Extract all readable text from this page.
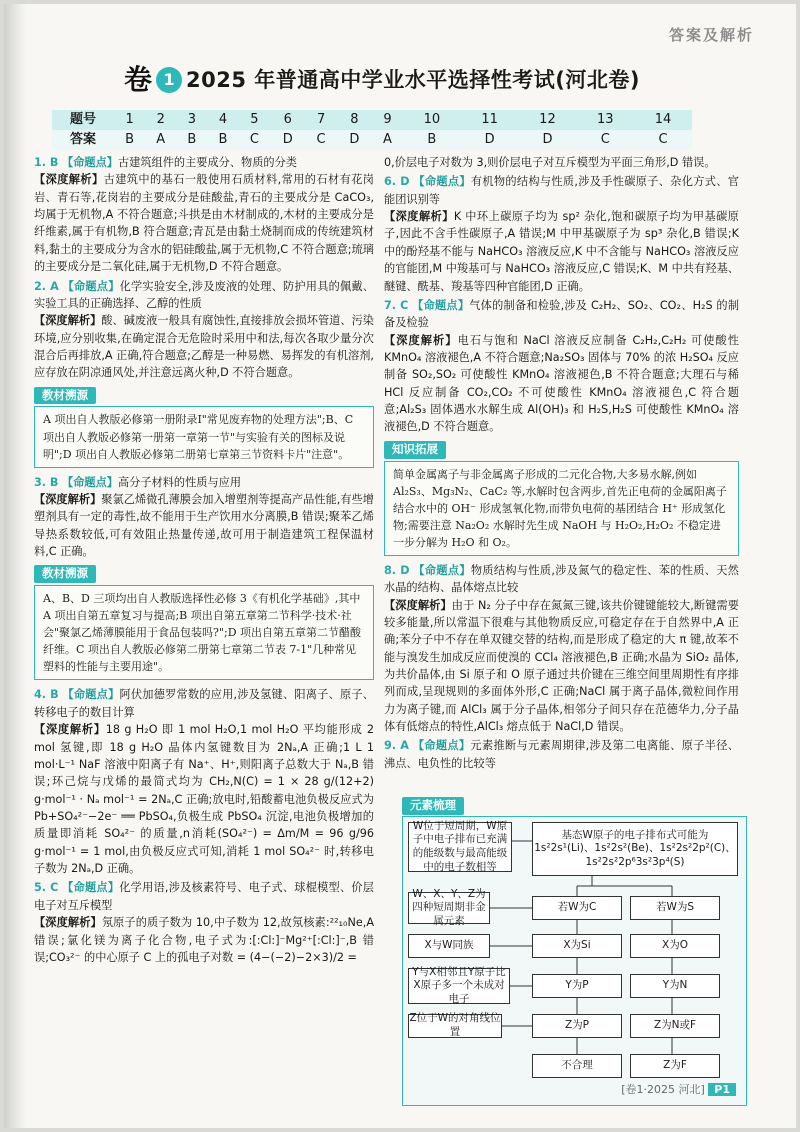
答案及解析
卷 1 2025 年普通高中学业水平选择性考试(河北卷)
题号	1	2	3	4	5	6	7	8	9	10	11	12	13	14
答案	B	A	B	B	C	D	C	D	A	B	D	D	C	C

1. B 【命题点】古建筑组件的主要成分、物质的分类
【深度解析】古建筑中的基石一般使用石质材料,常用的石材有花岗岩、青石等,花岗岩的主要成分是硅酸盐,青石的主要成分是 CaCO₃,均属于无机物,A 不符合题意;斗拱是由木材制成的,木材的主要成分是纤维素,属于有机物,B 符合题意;青瓦是由黏土烧制而成的传统建筑材料,黏土的主要成分为含水的铝硅酸盐,属于无机物,C 不符合题意;琉璃的主要成分是二氧化硅,属于无机物,D 不符合题意。

2. A 【命题点】化学实验安全,涉及废液的处理、防护用具的佩戴、实验工具的正确选择、乙醇的性质
【深度解析】酸、碱废液一般具有腐蚀性,直接排放会损坏管道、污染环境,应分别收集,在确定混合无危险时采用中和法,每次各取少量分次混合后再排放,A 正确,符合题意;乙醇是一种易燃、易挥发的有机溶剂,应存放在阴凉通风处,并注意远离火种,D 不符合题意。

教材溯源
A 项出自人教版必修第一册附录Ⅰ"常见废弃物的处理方法";B、C 项出自人教版必修第一册第一章第一节"与实验有关的图标及说明";D 项出自人教版必修第二册第七章第三节资料卡片"注意"。

3. B 【命题点】高分子材料的性质与应用
【深度解析】聚氯乙烯微孔薄膜会加入增塑剂等提高产品性能,有些增塑剂具有一定的毒性,故不能用于生产饮用水分离膜,B 错误;聚苯乙烯导热系数较低,可有效阻止热量传递,故可用于制造建筑工程保温材料,C 正确。

教材溯源
A、B、D 三项均出自人教版选择性必修 3《有机化学基础》,其中 A 项出自第五章复习与提高;B 项出自第五章第二节科学·技术·社会"聚氯乙烯薄膜能用于食品包装吗?";D 项出自第五章第二节醋酸纤维。C 项出自人教版必修第二册第七章第二节表 7-1"几种常见塑料的性能与主要用途"。

4. B 【命题点】阿伏加德罗常数的应用,涉及氢键、阳离子、原子、转移电子的数目计算
【深度解析】18 g H₂O 即 1 mol H₂O,1 mol H₂O 平均能形成 2 mol 氢键,即 18 g H₂O 晶体内氢键数目为 2Nₐ,A 正确;1 L 1 mol·L⁻¹ NaF 溶液中阳离子有 Na⁺、H⁺,则阳离子总数大于 Nₐ,B 错误;环己烷与戊烯的最简式均为 CH₂,N(C) = 1 × 28 g/(12+2) g·mol⁻¹ · Nₐ mol⁻¹ = 2Nₐ,C 正确;放电时,铅酸蓄电池负极反应式为 Pb+SO₄²⁻−2e⁻ ══ PbSO₄,负极生成 PbSO₄ 沉淀,电池负极增加的质量即消耗 SO₄²⁻ 的质量,n消耗(SO₄²⁻) = Δm/M = 96 g/96 g·mol⁻¹ = 1 mol,由负极反应式可知,消耗 1 mol SO₄²⁻ 时,转移电子数为 2Nₐ,D 正确。

5. C 【命题点】化学用语,涉及核素符号、电子式、球棍模型、价层电子对互斥模型
【深度解析】氖原子的质子数为 10,中子数为 12,故氖核素:²²₁₀Ne,A 错误;氯化镁为离子化合物,电子式为:[:Cl:]⁻Mg²⁺[:Cl:]⁻,B 错误;CO₃²⁻ 的中心原子 C 上的孤电子对数 = (4−(−2)−2×3)/2 =

0,价层电子对数为 3,则价层电子对互斥模型为平面三角形,D 错误。

6. D 【命题点】有机物的结构与性质,涉及手性碳原子、杂化方式、官能团识别等
【深度解析】K 中环上碳原子均为 sp² 杂化,饱和碳原子均为甲基碳原子,因此不含手性碳原子,A 错误;M 中甲基碳原子为 sp³ 杂化,B 错误;K 中的酚羟基不能与 NaHCO₃ 溶液反应,K 中不含能与 NaHCO₃ 溶液反应的官能团,M 中羧基可与 NaHCO₃ 溶液反应,C 错误;K、M 中共有羟基、醚键、酰基、羧基等四种官能团,D 正确。

7. C 【命题点】气体的制备和检验,涉及 C₂H₂、SO₂、CO₂、H₂S 的制备及检验
【深度解析】电石与饱和 NaCl 溶液反应制备 C₂H₂,C₂H₂ 可使酸性 KMnO₄ 溶液褪色,A 不符合题意;Na₂SO₃ 固体与 70% 的浓 H₂SO₄ 反应制备 SO₂,SO₂ 可使酸性 KMnO₄ 溶液褪色,B 不符合题意;大理石与稀 HCl 反应制备 CO₂,CO₂ 不可使酸性 KMnO₄ 溶液褪色,C 符合题意;Al₂S₃ 固体遇水水解生成 Al(OH)₃ 和 H₂S,H₂S 可使酸性 KMnO₄ 溶液褪色,D 不符合题意。

知识拓展
简单金属离子与非金属离子形成的二元化合物,大多易水解,例如 Al₂S₃、Mg₃N₂、CaC₂ 等,水解时包含两步,首先正电荷的金属阳离子结合水中的 OH⁻ 形成氢氧化物,而带负电荷的基团结合 H⁺ 形成氢化物;需要注意 Na₂O₂ 水解时先生成 NaOH 与 H₂O₂,H₂O₂ 不稳定进一步分解为 H₂O 和 O₂。

8. D 【命题点】物质结构与性质,涉及氮气的稳定性、苯的性质、天然水晶的结构、晶体熔点比较
【深度解析】由于 N₂ 分子中存在氮氮三键,该共价键键能较大,断键需要较多能量,所以常温下很难与其他物质反应,可稳定存在于自然界中,A 正确;苯分子中不存在单双键交替的结构,而是形成了稳定的大 π 键,故苯不能与溴发生加成反应而使溴的 CCl₄ 溶液褪色,B 正确;水晶为 SiO₂ 晶体,为共价晶体,由 Si 原子和 O 原子通过共价键在三维空间里周期性有序排列而成,呈现规则的多面体外形,C 正确;NaCl 属于离子晶体,微粒间作用力为离子键,而 AlCl₃ 属于分子晶体,相邻分子间只存在范德华力,分子晶体有低熔点的特性,AlCl₃ 熔点低于 NaCl,D 错误。

9. A 【命题点】元素推断与元素周期律,涉及第二电离能、原子半径、沸点、电负性的比较等

元素梳理
W位于短周期，W原子中电子排布已充满的能级数与最高能级中的电子数相等
基态W原子的电子排布式可能为 1s²2s¹(Li)、1s²2s²(Be)、1s²2s²2p²(C)、1s²2s²2p⁶3s²3p⁴(S)
W、X、Y、Z为四种短周期非金属元素
若W为C	若W为S
X与W同族	X为Si	X为O
Y与X相邻且Y原子比X原子多一个未成对电子
Y为P	Y为N
Z位于W的对角线位置
Z为P	Z为N或F
不合理	Z为F
[卷1·2025 河北] P1
